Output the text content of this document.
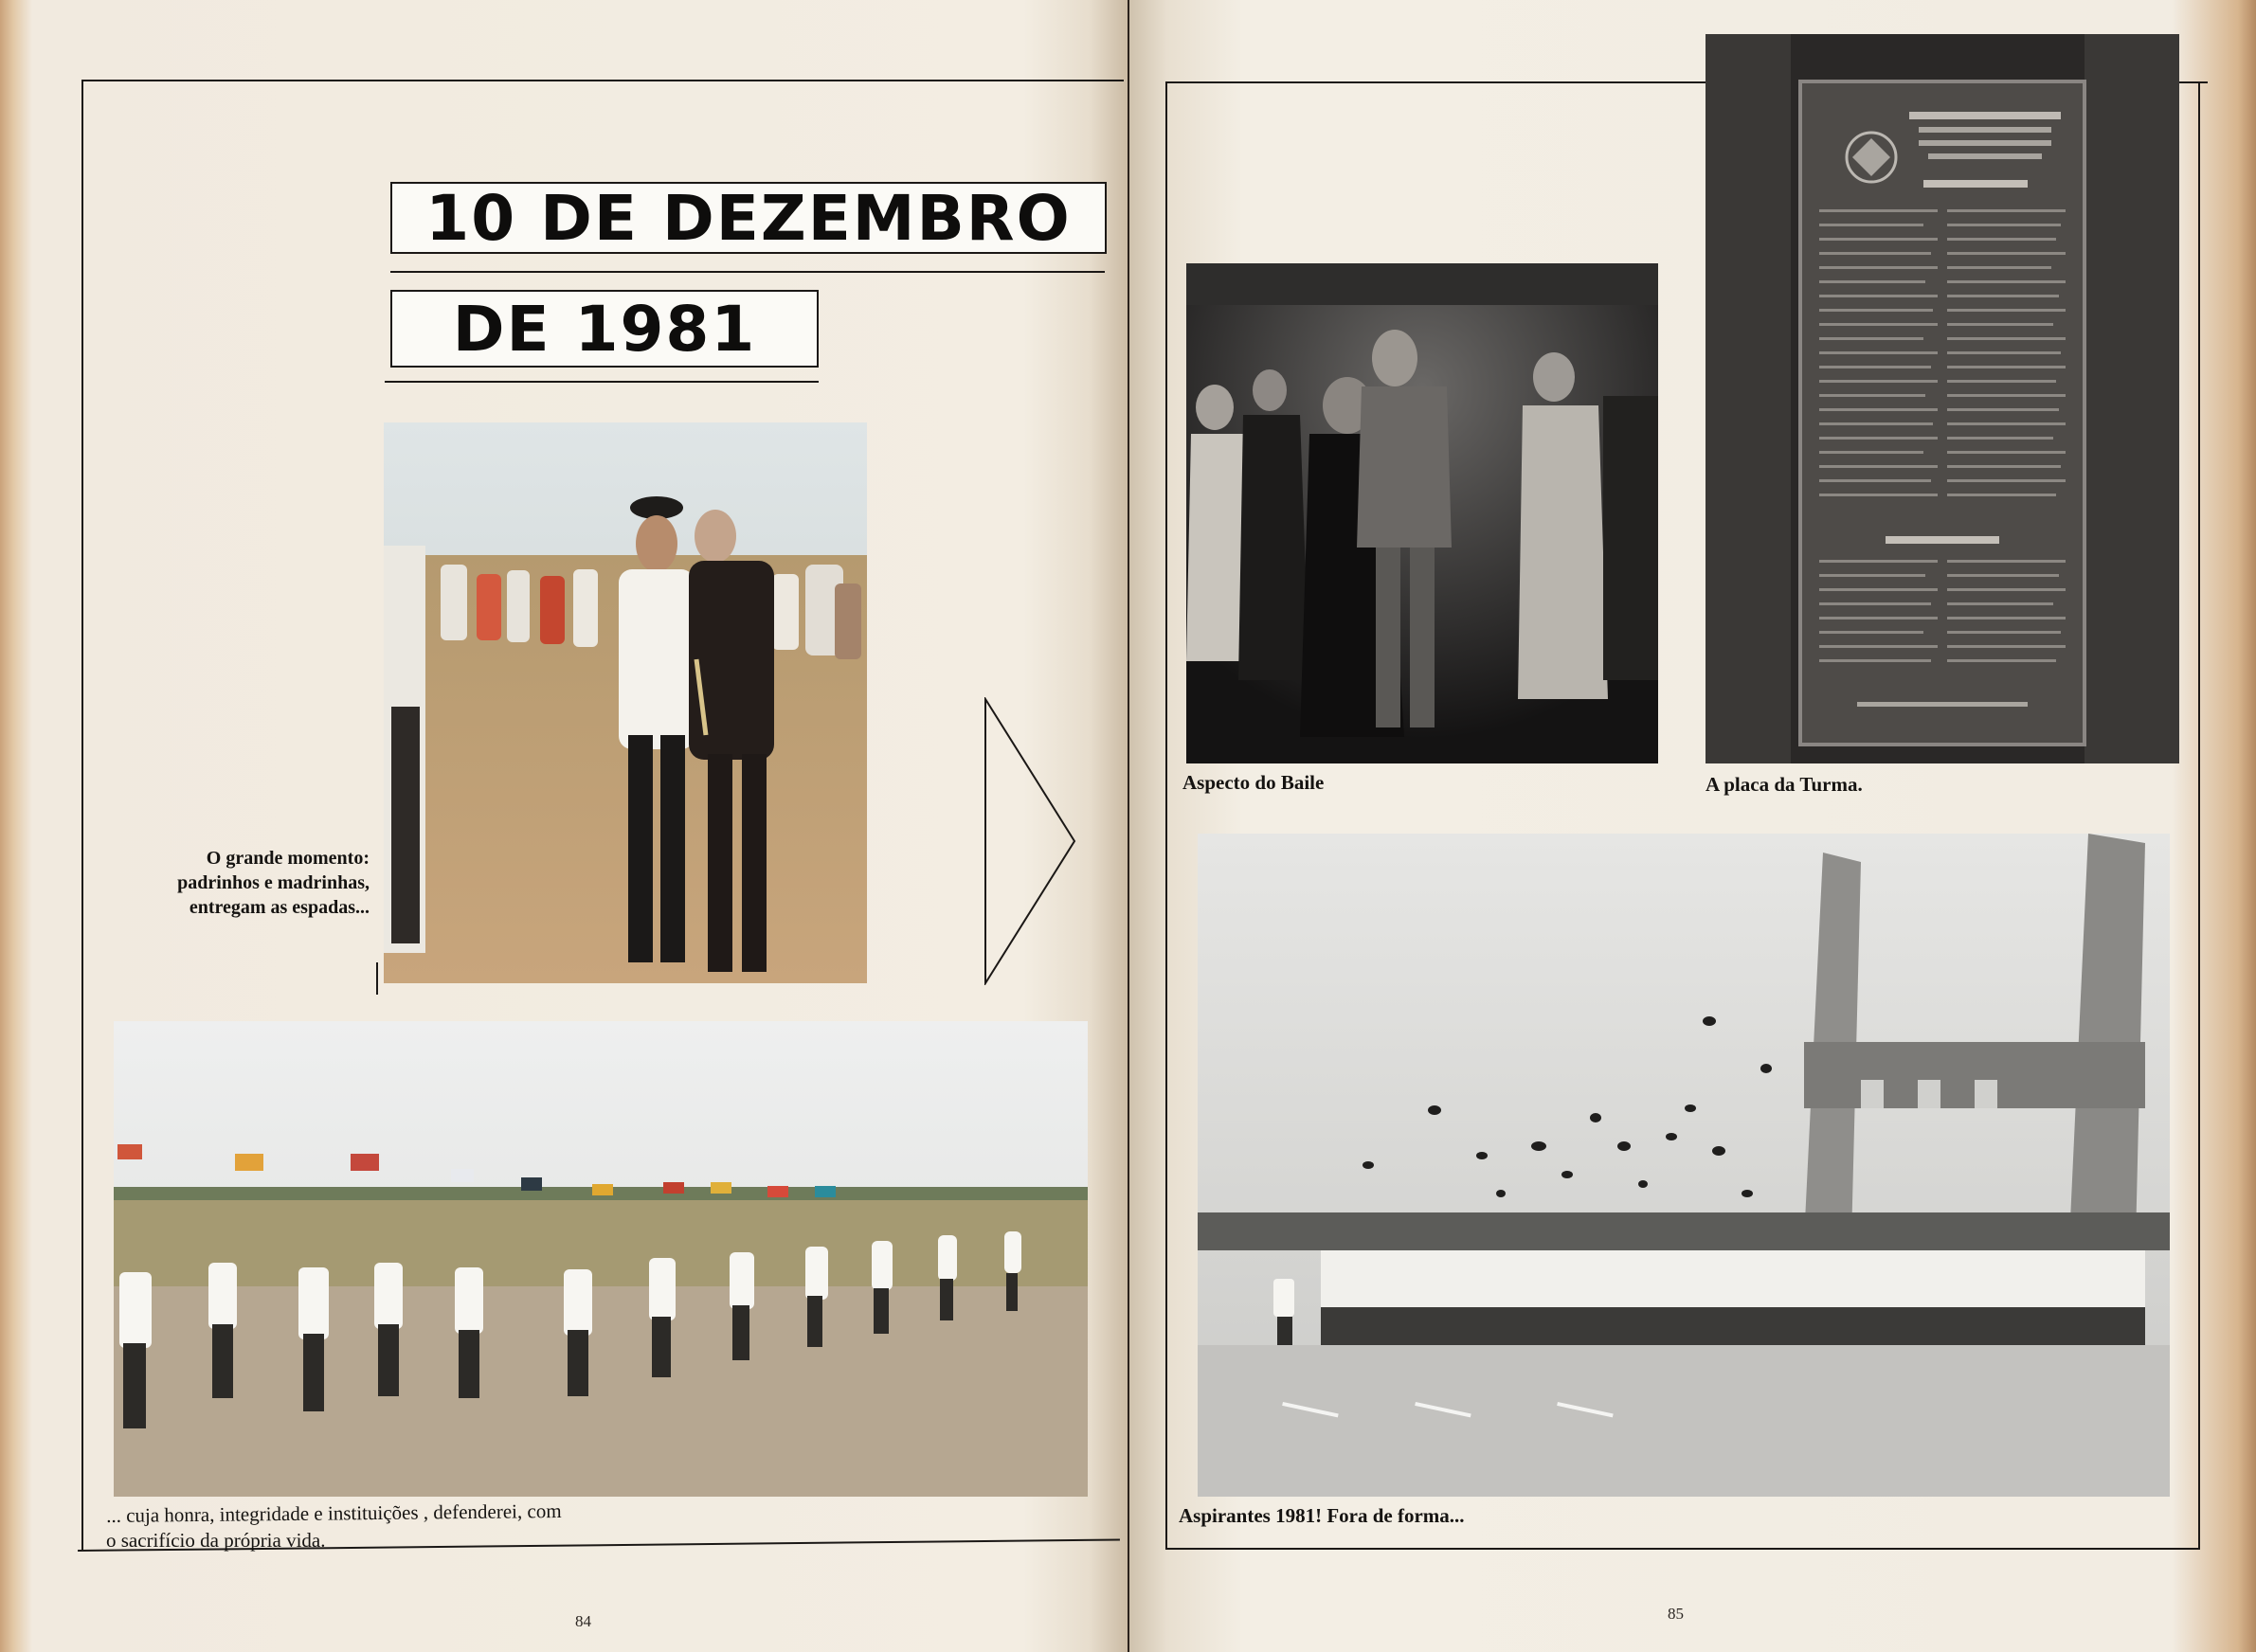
10 DE DEZEMBRO
DE 1981
O grande momento: padrinhos e madrinhas, entregam as espadas...
... cuja honra, integridade e instituições , defenderei, com
o sacrifício da própria vida.
84
Aspecto do Baile	A placa da Turma.
Aspirantes 1981! Fora de forma...
85
